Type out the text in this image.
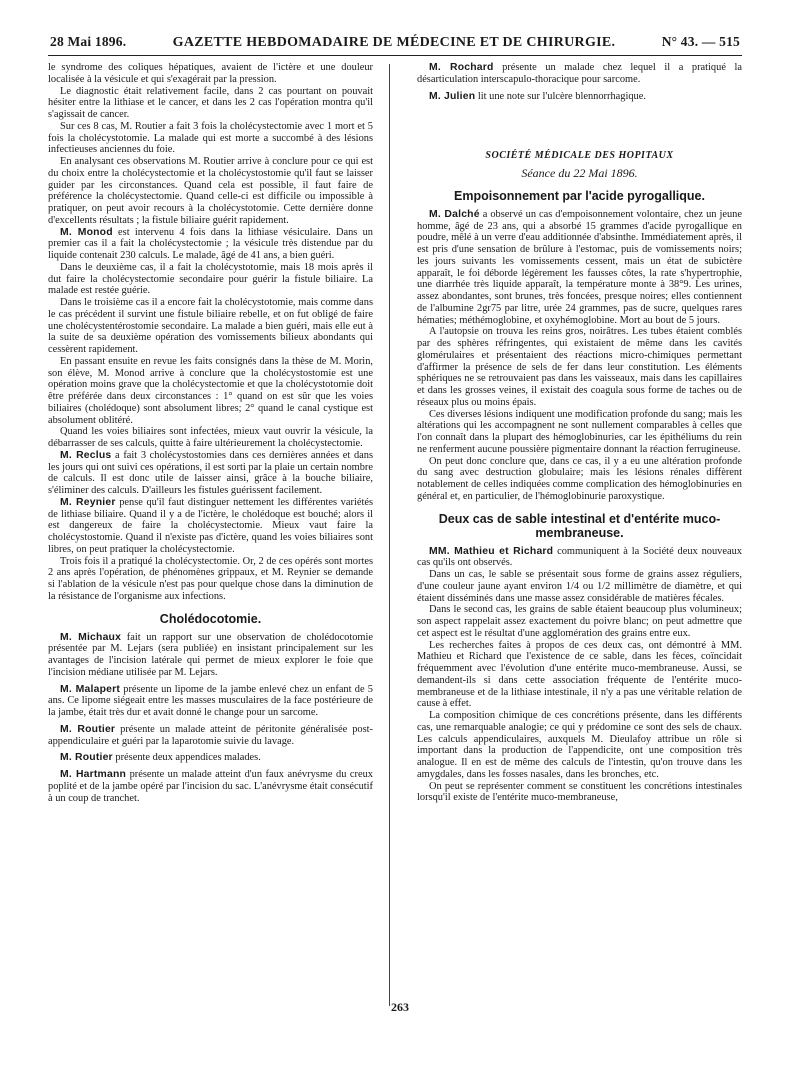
28 Mai 1896.	GAZETTE HEBDOMADAIRE DE MÉDECINE ET DE CHIRURGIE.	N° 43. — 515

le syndrome des coliques hépatiques, avaient de l'ictère et une douleur localisée à la vésicule et qui s'exagérait par la pression.

Le diagnostic était relativement facile, dans 2 cas pourtant on pouvait hésiter entre la lithiase et le cancer, et dans les 2 cas l'opération montra qu'il s'agissait de cancer.

Sur ces 8 cas, M. Routier a fait 3 fois la cholécystectomie avec 1 mort et 5 fois la cholécystotomie. La malade qui est morte a succombé à des lésions infectieuses anciennes du foie.

En analysant ces observations M. Routier arrive à conclure pour ce qui est du choix entre la cholécystectomie et la cholécystostomie qu'il faut se laisser guider par les circonstances. Quand cela est possible, il faut faire de préférence la cholécystectomie. Quand celle-ci est difficile ou impossible à pratiquer, on peut avoir recours à la cholécystotomie. Cette dernière donne d'excellents résultats ; la fistule biliaire guérit rapidement.

M. Monod est intervenu 4 fois dans la lithiase vésiculaire. Dans un premier cas il a fait la cholécystectomie ; la vésicule très distendue par du liquide contenait 230 calculs. Le malade, âgé de 41 ans, a bien guéri.

Dans le deuxième cas, il a fait la cholécystotomie, mais 18 mois après il dut faire la cholécystectomie secondaire pour guérir la fistule biliaire. La malade est restée guérie.

Dans le troisième cas il a encore fait la cholécystotomie, mais comme dans le cas précédent il survint une fistule biliaire rebelle, et on fut obligé de faire une cholécystentérostomie secondaire. La malade a bien guéri, mais elle eut à la suite de sa deuxième opération des vomissements bilieux abondants qui cessèrent rapidement.

En passant ensuite en revue les faits consignés dans la thèse de M. Morin, son élève, M. Monod arrive à conclure que la cholécystostomie est une opération moins grave que la cholécystectomie et que la cholécystotomie doit être préférée dans deux circonstances : 1° quand on est sûr que les voies biliaires (cholédoque) sont absolument libres; 2° quand le canal cystique est absolument oblitéré.

Quand les voies biliaires sont infectées, mieux vaut ouvrir la vésicule, la débarrasser de ses calculs, quitte à faire ultérieurement la cholécystectomie.

M. Reclus a fait 3 cholécystostomies dans ces dernières années et dans les jours qui ont suivi ces opérations, il est sorti par la plaie un certain nombre de calculs. Il est donc utile de laisser ainsi, grâce à la bouche biliaire, s'éliminer des calculs. D'ailleurs les fistules guérissent facilement.

M. Reynier pense qu'il faut distinguer nettement les différentes variétés de lithiase biliaire. Quand il y a de l'ictère, le cholédoque est bouché; alors il est dangereux de faire la cholécystectomie. Mieux vaut faire la cholécystostomie. Quand il n'existe pas d'ictère, quand les voies biliaires sont libres, on peut pratiquer la cholécystectomie.

Trois fois il a pratiqué la cholécystectomie. Or, 2 de ces opérés sont mortes 2 ans après l'opération, de phénomènes grippaux, et M. Reynier se demande si l'ablation de la vésicule n'est pas pour quelque chose dans la diminution de la résistance de l'organisme aux infections.

Cholédocotomie.

M. Michaux fait un rapport sur une observation de cholédocotomie présentée par M. Lejars (sera publiée) en insistant principalement sur les avantages de l'incision latérale qui permet de mieux explorer le foie que l'incision médiane utilisée par M. Lejars.

M. Malapert présente un lipome de la jambe enlevé chez un enfant de 5 ans. Ce lipome siégeait entre les masses musculaires de la face postérieure de la jambe, était très dur et avait donné le change pour un sarcome.

M. Routier présente un malade atteint de péritonite généralisée post-appendiculaire et guéri par la laparotomie suivie du lavage.

M. Routier présente deux appendices malades.

M. Hartmann présente un malade atteint d'un faux anévrysme du creux poplité et de la jambe opéré par l'incision du sac. L'anévrysme était consécutif à un coup de tranchet.

M. Rochard présente un malade chez lequel il a pratiqué la désarticulation interscapulo-thoracique pour sarcome.

M. Julien lit une note sur l'ulcère blennorrhagique.

SOCIÉTÉ MÉDICALE DES HOPITAUX
Séance du 22 Mai 1896.
Empoisonnement par l'acide pyrogallique.

M. Dalché a observé un cas d'empoisonnement volontaire, chez un jeune homme, âgé de 23 ans, qui a absorbé 15 grammes d'acide pyrogallique en poudre, mêlé à un verre d'eau additionnée d'absinthe. Immédiatement après, il est pris d'une sensation de brûlure à l'estomac, puis de vomissements noirs; les jours suivants les vomissements cessent, mais un état de subictère apparaît, le foi déborde légèrement les fausses côtes, la rate s'hypertrophie, une diarrhée très liquide apparaît, la température monte à 38°9. Les urines, assez abondantes, sont brunes, très foncées, presque noires; elles contiennent de l'albumine 2gr75 par litre, urée 24 grammes, pas de sucre, quelques rares hématies; méthémoglobine, et oxyhémoglobine. Mort au bout de 5 jours.

A l'autopsie on trouva les reins gros, noirâtres. Les tubes étaient comblés par des sphères réfringentes, qui existaient de même dans les cavités glomérulaires et présentaient des réactions micro-chimiques permettant d'affirmer la présence de sels de fer dans leur constitution. Les éléments sphériques ne se retrouvaient pas dans les vaisseaux, mais dans les capillaires et dans les grosses veines, il existait des coagula sous forme de taches ou de réseaux plus ou moins épais.

Ces diverses lésions indiquent une modification profonde du sang; mais les altérations qui les accompagnent ne sont nullement comparables à celles que l'on connaît dans la plupart des hémoglobinuries, car les épithéliums du rein ne renferment aucune poussière pigmentaire donnant la réaction ferrugineuse.

On peut donc conclure que, dans ce cas, il y a eu une altération profonde du sang avec destruction globulaire; mais les lésions rénales diffèrent notablement de celles indiquées comme complication des hémoglobinuries en général et, en particulier, de l'hémoglobinurie paroxystique.

Deux cas de sable intestinal et d'entérite muco-membraneuse.

MM. Mathieu et Richard communiquent à la Société deux nouveaux cas qu'ils ont observés.

Dans un cas, le sable se présentait sous forme de grains assez réguliers, d'une couleur jaune ayant environ 1/4 ou 1/2 millimètre de diamètre, et qui étaient disséminés dans une masse assez considérable de matières fécales.

Dans le second cas, les grains de sable étaient beaucoup plus volumineux; son aspect rappelait assez exactement du poivre blanc; on peut admettre que cet aspect est le résultat d'une agglomération des grains entre eux.

Les recherches faites à propos de ces deux cas, ont démontré à MM. Mathieu et Richard que l'existence de ce sable, dans les fèces, coïncidait fréquemment avec l'évolution d'une entérite muco-membraneuse. Aussi, se demandent-ils si dans cette association fréquente de l'entérite muco-membraneuse et de la lithiase intestinale, il n'y a pas une véritable relation de cause à effet.

La composition chimique de ces concrétions présente, dans les différents cas, une remarquable analogie; ce qui y prédomine ce sont des sels de chaux. Les calculs appendiculaires, auxquels M. Dieulafoy attribue un rôle si important dans la production de l'appendicite, ont une composition très analogue. Il en est de même des calculs de l'intestin, qu'on trouve dans les amygdales, dans les fosses nasales, dans les bronches, etc.

On peut se représenter comment se constituent les concrétions intestinales lorsqu'il existe de l'entérite muco-membraneuse,

263
